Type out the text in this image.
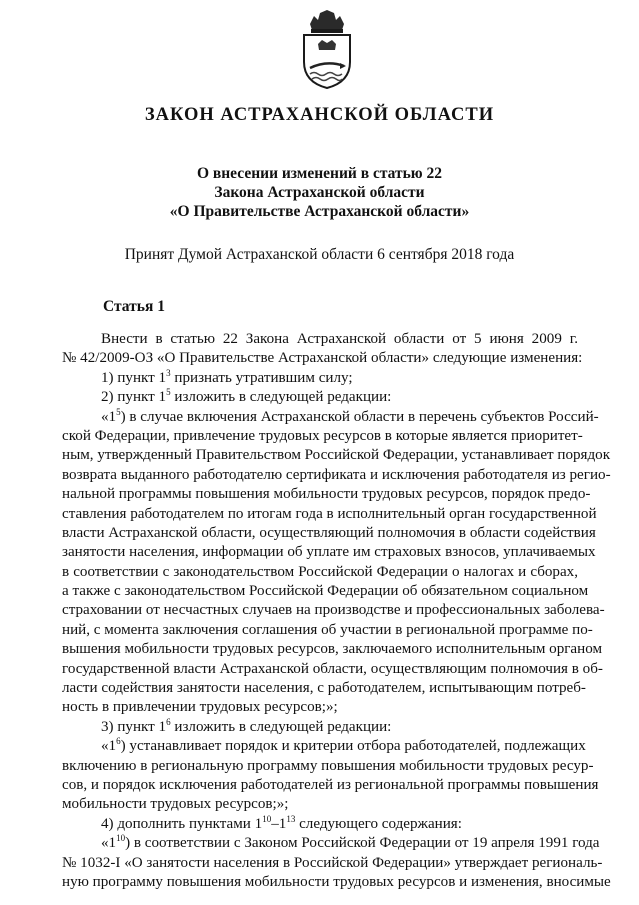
ЗАКОН АСТРАХАНСКОЙ ОБЛАСТИ
О внесении изменений в статью 22
Закона Астраханской области
«О Правительстве Астраханской области»
Принят Думой Астраханской области 6 сентября 2018 года
Статья 1
Внести в статью 22 Закона Астраханской области от 5 июня 2009 г.
№ 42/2009-ОЗ «О Правительстве Астраханской области» следующие изменения:
1) пункт $1^3$ признать утратившим силу;
2) пункт $1^5$ изложить в следующей редакции:
«$1^5$) в случае включения Астраханской области в перечень субъектов Россий-
ской Федерации, привлечение трудовых ресурсов в которые является приоритет-
ным, утвержденный Правительством Российской Федерации, устанавливает порядок
возврата выданного работодателю сертификата и исключения работодателя из регио-
нальной программы повышения мобильности трудовых ресурсов, порядок предо-
ставления работодателем по итогам года в исполнительный орган государственной
власти Астраханской области, осуществляющий полномочия в области содействия
занятости населения, информации об уплате им страховых взносов, уплачиваемых
в соответствии с законодательством Российской Федерации о налогах и сборах,
а также с законодательством Российской Федерации об обязательном социальном
страховании от несчастных случаев на производстве и профессиональных заболева-
ний, с момента заключения соглашения об участии в региональной программе по-
вышения мобильности трудовых ресурсов, заключаемого исполнительным органом
государственной власти Астраханской области, осуществляющим полномочия в об-
ласти содействия занятости населения, с работодателем, испытывающим потреб-
ность в привлечении трудовых ресурсов;»;
3) пункт $1^6$ изложить в следующей редакции:
«$1^6$) устанавливает порядок и критерии отбора работодателей, подлежащих
включению в региональную программу повышения мобильности трудовых ресур-
сов, и порядок исключения работодателей из региональной программы повышения
мобильности трудовых ресурсов;»;
4) дополнить пунктами $1^{10}-1^{13}$ следующего содержания:
«$1^{10}$) в соответствии с Законом Российской Федерации от 19 апреля 1991 года
№ 1032-I «О занятости населения в Российской Федерации» утверждает региональ-
ную программу повышения мобильности трудовых ресурсов и изменения, вносимые
